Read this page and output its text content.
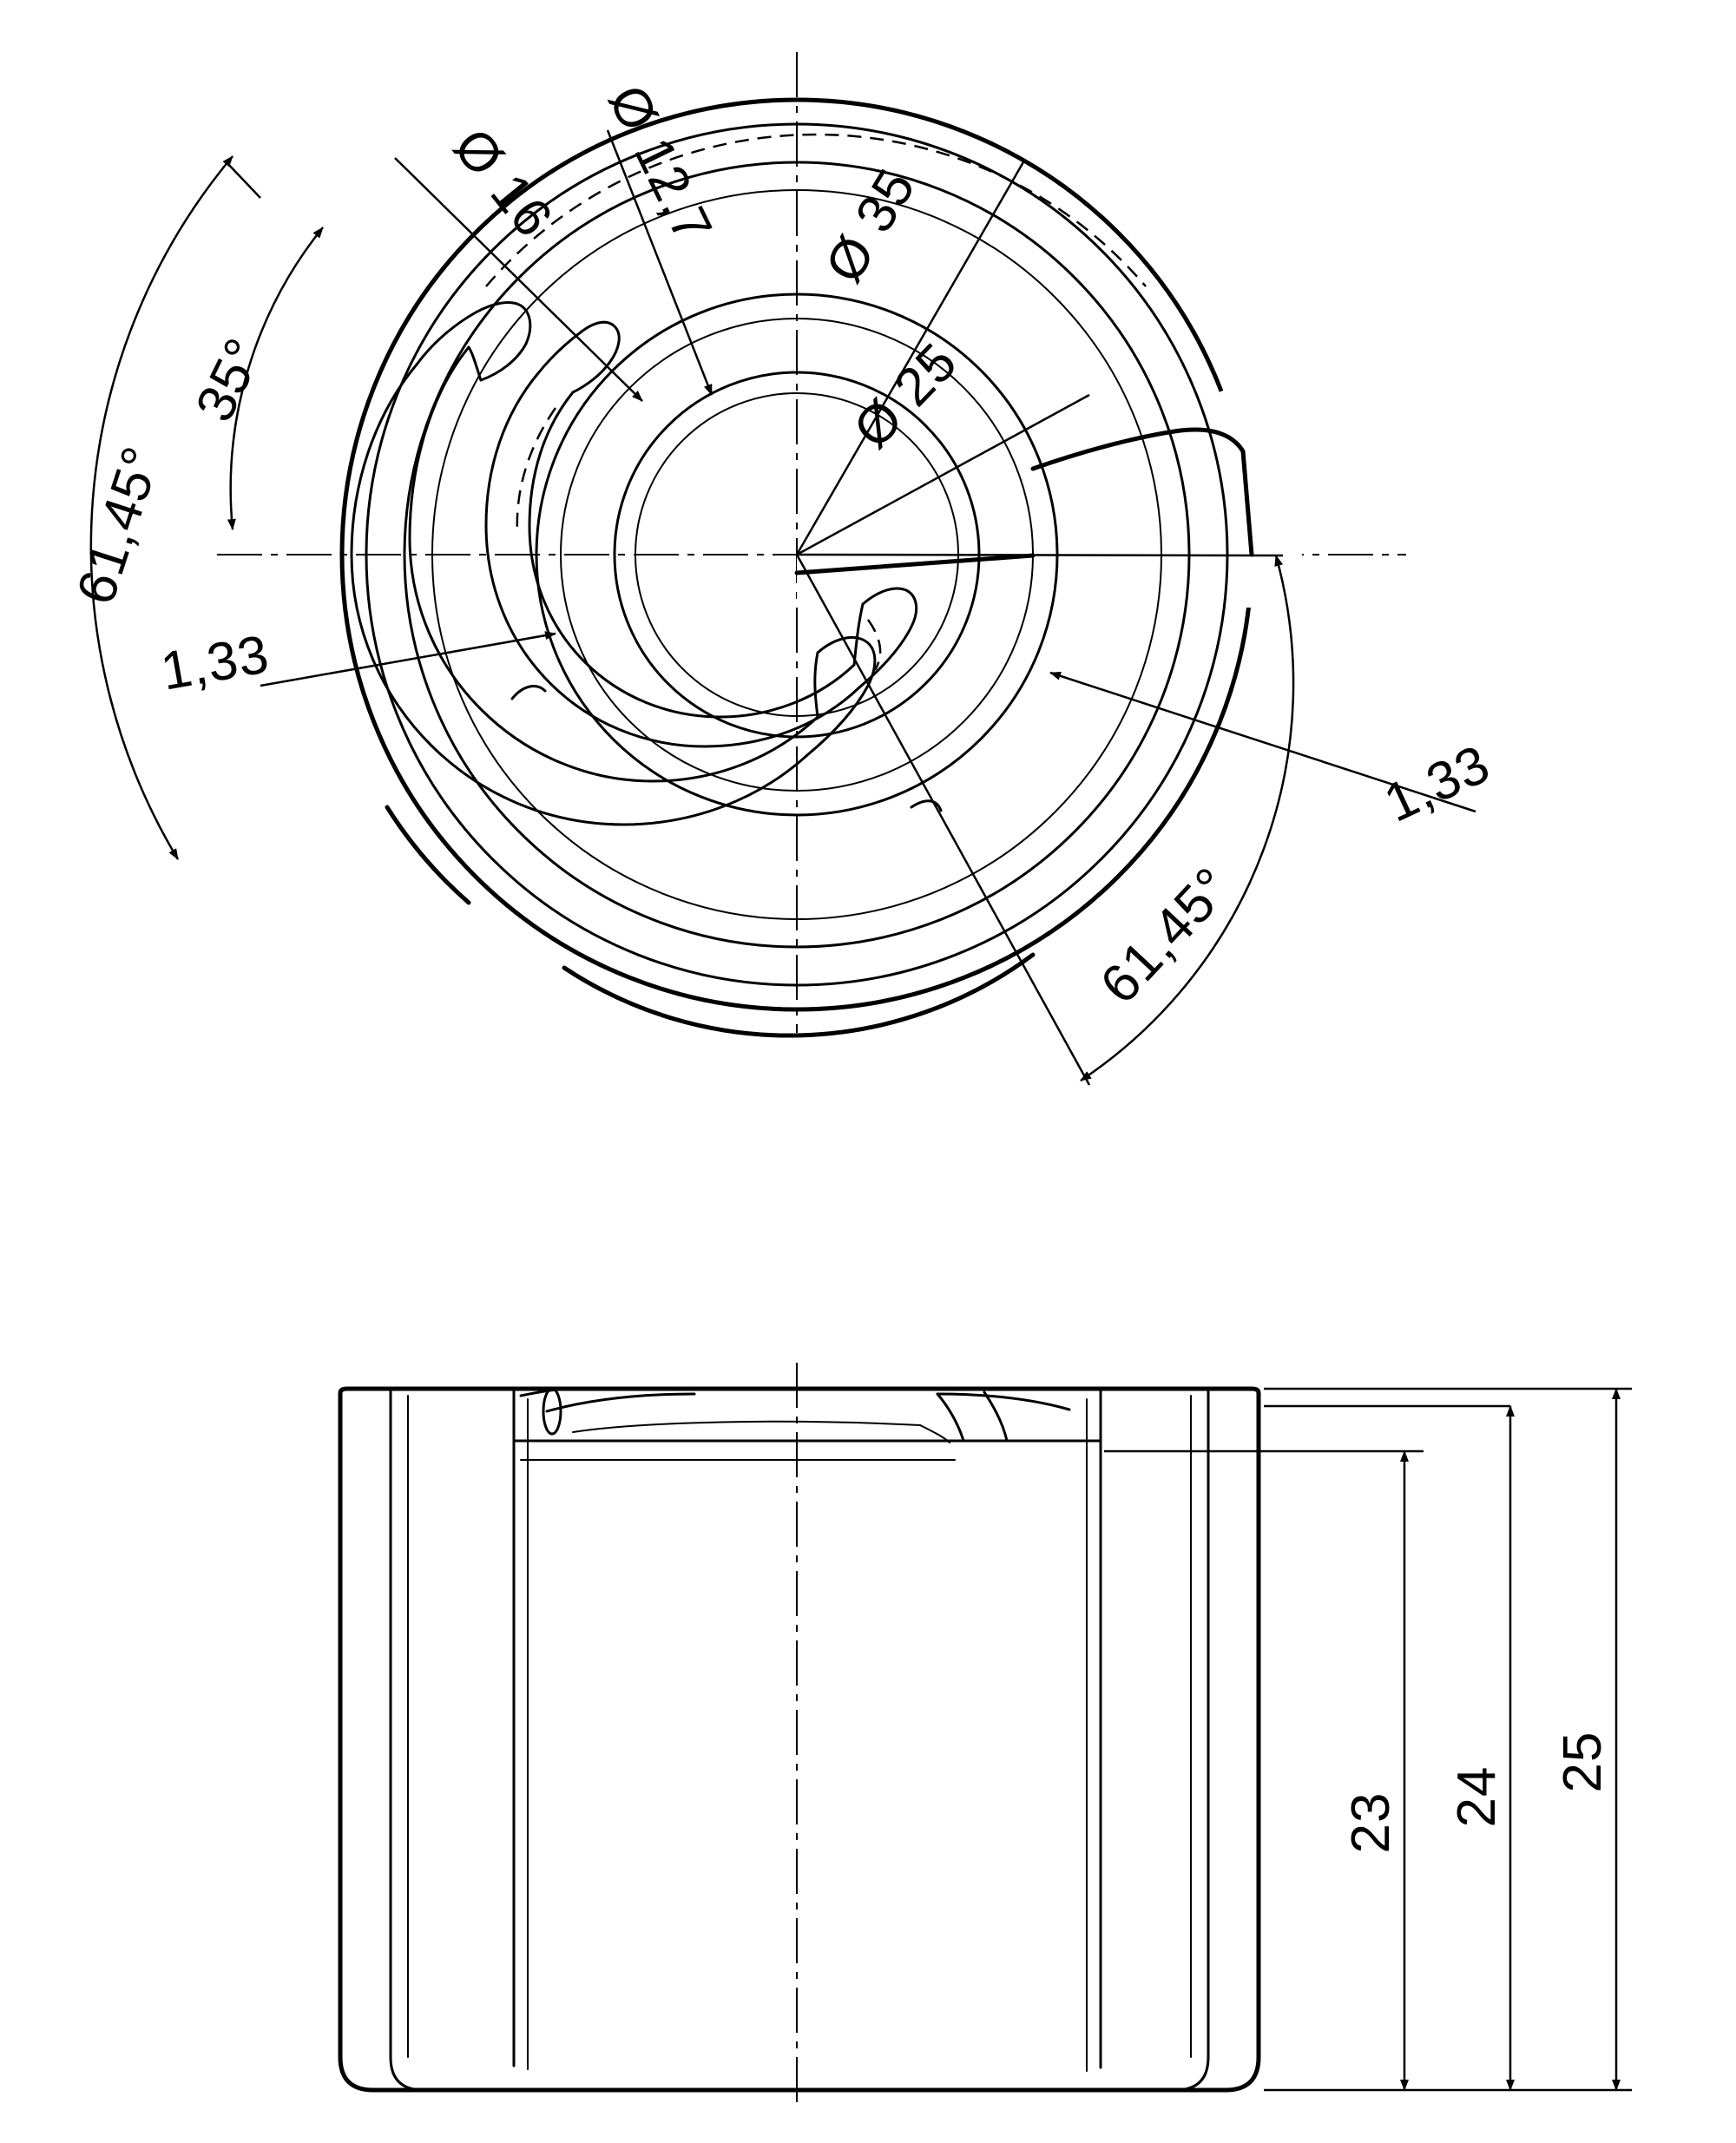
Ø 12,7
Ø 16	Ø 35
Ø 25
61,45°
35°
1,33
1,33
61,45°
23 24
25
